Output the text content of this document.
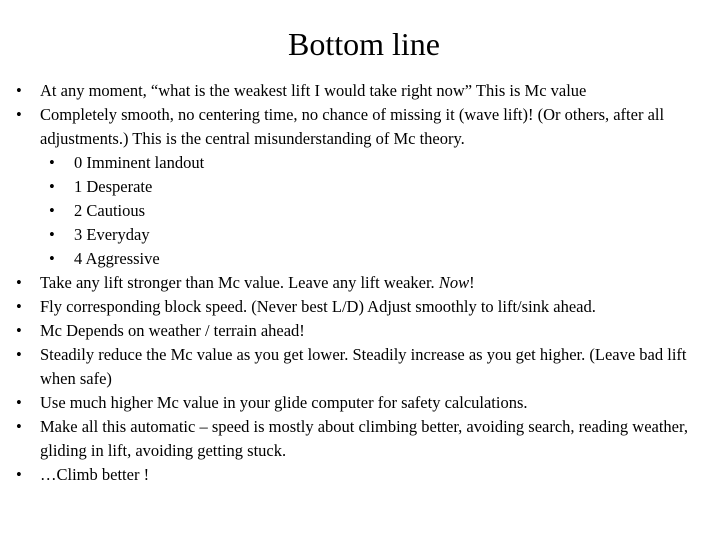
Bottom line
• At any moment, “what is the weakest lift I would take right now” This is Mc value
• Completely smooth, no centering time, no chance of missing it (wave lift)! (Or others, after all adjustments.) This is the central misunderstanding of Mc theory.
• 0 Imminent landout
• 1 Desperate
• 2 Cautious
• 3 Everyday
• 4 Aggressive
• Take any lift stronger than Mc value. Leave any lift weaker. Now!
• Fly corresponding block speed. (Never best L/D) Adjust smoothly to lift/sink ahead.
• Mc Depends on weather / terrain ahead!
• Steadily reduce the Mc value as you get lower. Steadily increase as you get higher. (Leave bad lift when safe)
• Use much higher Mc value in your glide computer for safety calculations.
• Make all this automatic – speed is mostly about climbing better, avoiding search, reading weather, gliding in lift, avoiding getting stuck.
• …Climb better !
